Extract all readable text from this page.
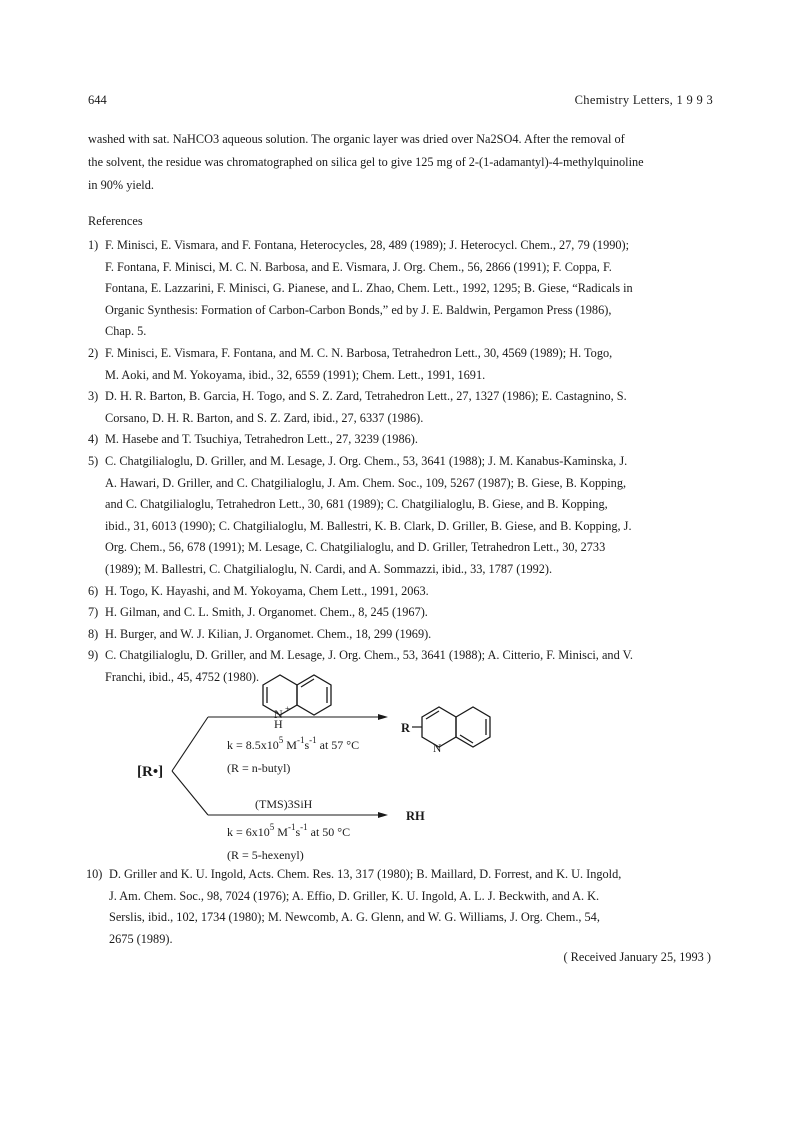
644	Chemistry Letters, 1 9 9 3
washed with sat. NaHCO3 aqueous solution. The organic layer was dried over Na2SO4. After the removal of
the solvent, the residue was chromatographed on silica gel to give 125 mg of 2-(1-adamantyl)-4-methylquinoline
in 90% yield.
References
1) F. Minisci, E. Vismara, and F. Fontana, Heterocycles, 28, 489 (1989); J. Heterocycl. Chem., 27, 79 (1990);
F. Fontana, F. Minisci, M. C. N. Barbosa, and E. Vismara, J. Org. Chem., 56, 2866 (1991); F. Coppa, F.
Fontana, E. Lazzarini, F. Minisci, G. Pianese, and L. Zhao, Chem. Lett., 1992, 1295; B. Giese, “Radicals in
Organic Synthesis: Formation of Carbon-Carbon Bonds,” ed by J. E. Baldwin, Pergamon Press (1986),
Chap. 5.
2) F. Minisci, E. Vismara, F. Fontana, and M. C. N. Barbosa, Tetrahedron Lett., 30, 4569 (1989); H. Togo,
M. Aoki, and M. Yokoyama, ibid., 32, 6559 (1991); Chem. Lett., 1991, 1691.
3) D. H. R. Barton, B. Garcia, H. Togo, and S. Z. Zard, Tetrahedron Lett., 27, 1327 (1986); E. Castagnino, S.
Corsano, D. H. R. Barton, and S. Z. Zard, ibid., 27, 6337 (1986).
4) M. Hasebe and T. Tsuchiya, Tetrahedron Lett., 27, 3239 (1986).
5) C. Chatgilialoglu, D. Griller, and M. Lesage, J. Org. Chem., 53, 3641 (1988); J. M. Kanabus-Kaminska, J.
A. Hawari, D. Griller, and C. Chatgilialoglu, J. Am. Chem. Soc., 109, 5267 (1987); B. Giese, B. Kopping,
and C. Chatgilialoglu, Tetrahedron Lett., 30, 681 (1989); C. Chatgilialoglu, B. Giese, and B. Kopping,
ibid., 31, 6013 (1990); C. Chatgilialoglu, M. Ballestri, K. B. Clark, D. Griller, B. Giese, and B. Kopping, J.
Org. Chem., 56, 678 (1991); M. Lesage, C. Chatgilialoglu, and D. Griller, Tetrahedron Lett., 30, 2733
(1989); M. Ballestri, C. Chatgilialoglu, N. Cardi, and A. Sommazzi, ibid., 33, 1787 (1992).
6) H. Togo, K. Hayashi, and M. Yokoyama, Chem Lett., 1991, 2063.
7) H. Gilman, and C. L. Smith, J. Organomet. Chem., 8, 245 (1967).
8) H. Burger, and W. J. Kilian, J. Organomet. Chem., 18, 299 (1969).
9) C. Chatgilialoglu, D. Griller, and M. Lesage, J. Org. Chem., 53, 3641 (1988); A. Citterio, F. Minisci, and V.
Franchi, ibid., 45, 4752 (1980).
N +
H
[R•]
$k = 8.5x10^5$ $M^{-1}s^{-1}$ at 57 °C
(R = n-butyl)
R
N
(TMS)3SiH
RH
$k = 6x10^5$ $M^{-1}s^{-1}$ at 50 °C
(R = 5-hexenyl)
10) D. Griller and K. U. Ingold, Acts. Chem. Res. 13, 317 (1980); B. Maillard, D. Forrest, and K. U. Ingold,
J. Am. Chem. Soc., 98, 7024 (1976); A. Effio, D. Griller, K. U. Ingold, A. L. J. Beckwith, and A. K.
Serslis, ibid., 102, 1734 (1980); M. Newcomb, A. G. Glenn, and W. G. Williams, J. Org. Chem., 54,
2675 (1989).
( Received January 25, 1993 )
